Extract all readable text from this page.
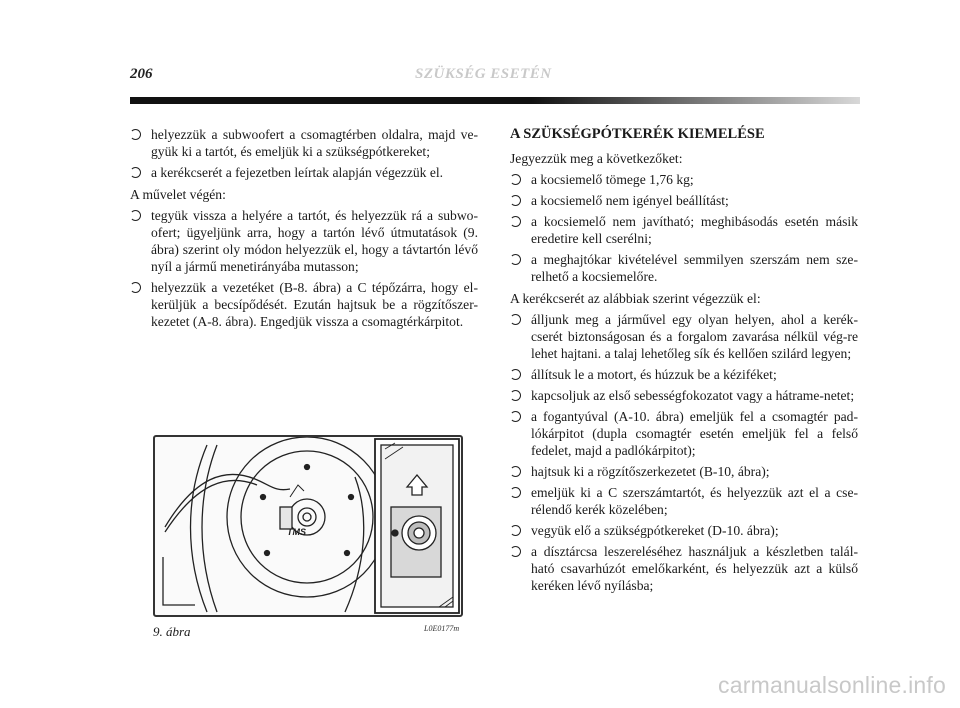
206	SZÜKSÉG ESETÉN
helyezzük a subwoofert a csomagtérben oldalra, majd ve-gyük ki a tartót, és emeljük ki a szükségpótkereket;
a kerékcserét a fejezetben leírtak alapján végezzük el.
A művelet végén:
tegyük vissza a helyére a tartót, és helyezzük rá a subwo-ofert; ügyeljünk arra, hogy a tartón lévő útmutatások (9. ábra) szerint oly módon helyezzük el, hogy a távtartón lévő nyíl a jármű menetirányába mutasson;
helyezzük a vezetéket (B-8. ábra) a C tépőzárra, hogy el-kerüljük a becsípődését. Ezután hajtsuk be a rögzítőszer-kezetet (A-8. ábra). Engedjük vissza a csomagtérkárpitot.
TMS
9. ábra	L0E0177m
A SZÜKSÉGPÓTKERÉK KIEMELÉSE
Jegyezzük meg a következőket:
a kocsiemelő tömege 1,76 kg;
a kocsiemelő nem igényel beállítást;
a kocsiemelő nem javítható; meghibásodás esetén másik eredetire kell cserélni;
a meghajtókar kivételével semmilyen szerszám nem sze-relhető a kocsiemelőre.
A kerékcserét az alábbiak szerint végezzük el:
álljunk meg a járművel egy olyan helyen, ahol a kerék-cserét biztonságosan és a forgalom zavarása nélkül vég-re lehet hajtani. a talaj lehetőleg sík és kellően szilárd legyen;
állítsuk le a motort, és húzzuk be a kéziféket;
kapcsoljuk az első sebességfokozatot vagy a hátrame-netet;
a fogantyúval (A-10. ábra) emeljük fel a csomagtér pad-lókárpitot (dupla csomagtér esetén emeljük fel a felső fedelet, majd a padlókárpitot);
hajtsuk ki a rögzítőszerkezetet (B-10, ábra);
emeljük ki a C szerszámtartót, és helyezzük azt el a cse-rélendő kerék közelében;
vegyük elő a szükségpótkereket (D-10. ábra);
a dísztárcsa leszereléséhez használjuk a készletben talál-ható csavarhúzót emelőkarként, és helyezzük azt a külső keréken lévő nyílásba;
carmanualsonline.info
